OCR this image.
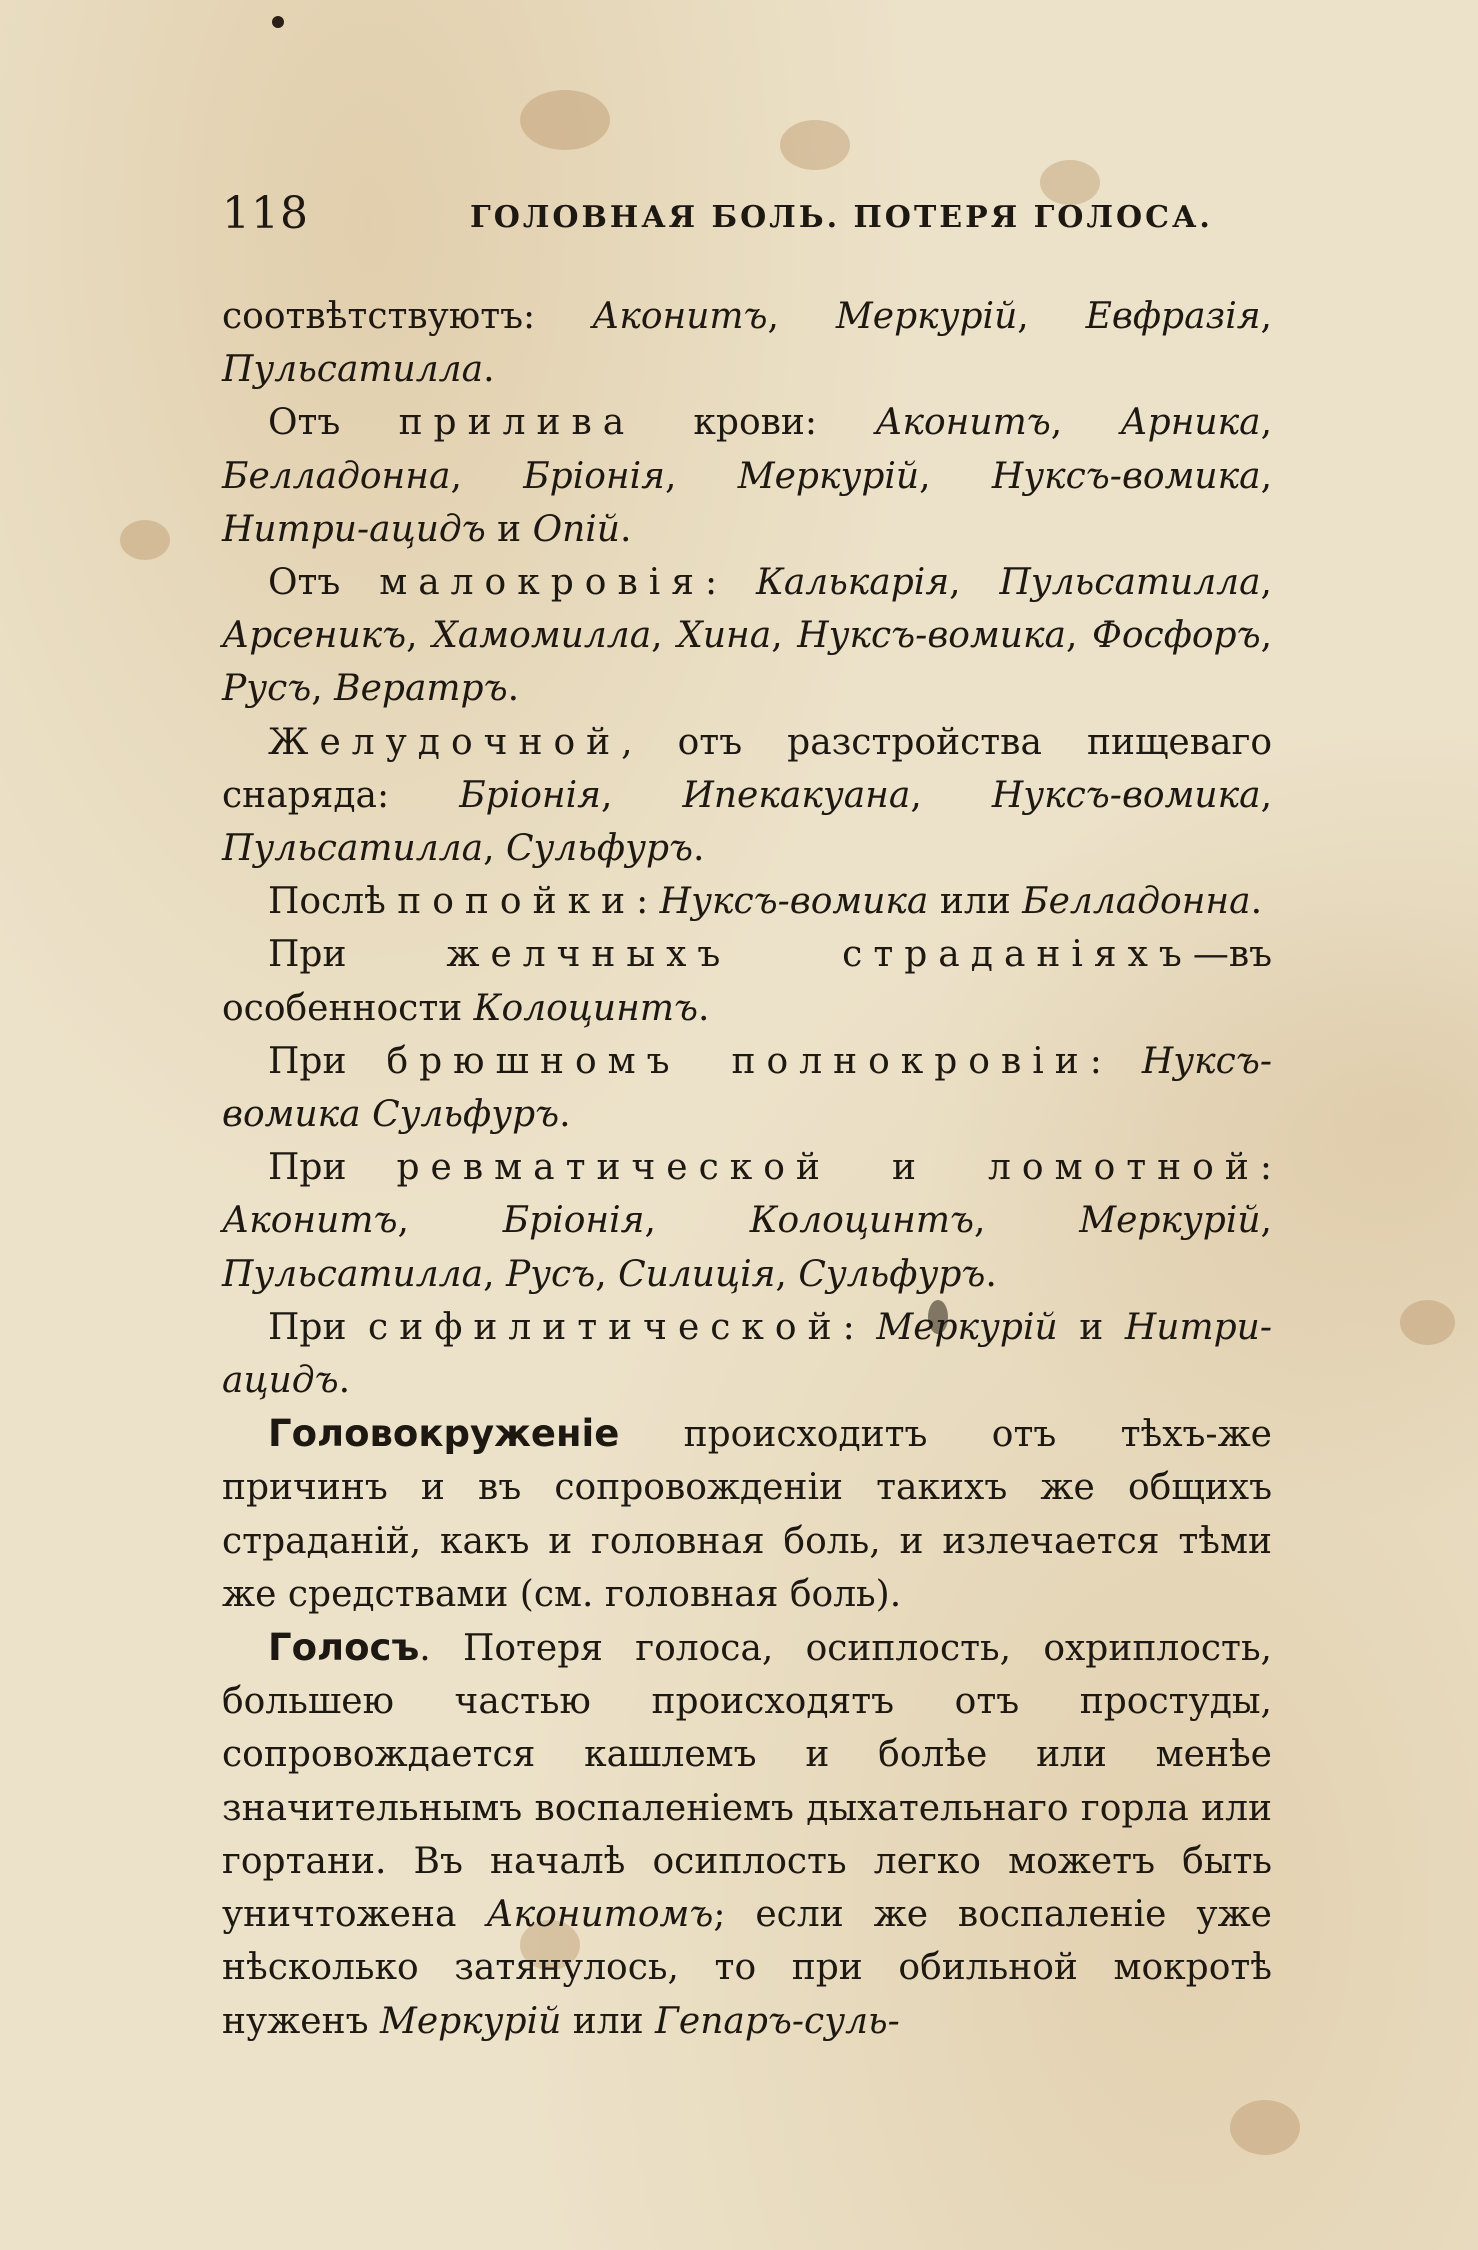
118	ГОЛОВНАЯ БОЛЬ. ПОТЕРЯ ГОЛОСА.

соотвѣтствуютъ: Аконитъ, Меркурій, Евфразія, Пульсатилла.

Отъ прилива крови: Аконитъ, Арника, Белладонна, Бріонія, Меркурій, Нуксъ-вомика, Нитри-ацидъ и Опій.

Отъ малокровія: Калькарія, Пульсатилла, Арсеникъ, Хамомилла, Хина, Нуксъ-вомика, Фосфоръ, Русъ, Вератръ.

Желудочной, отъ разстройства пищеваго снаряда: Бріонія, Ипекакуана, Нуксъ-вомика, Пульсатилла, Сульфуръ.

Послѣ попойки: Нуксъ-вомика или Белладонна.

При желчныхъ страданіяхъ—въ особенности Колоцинтъ.

При брюшномъ полнокровіи: Нуксъ-вомика Сульфуръ.

При ревматической и ломотной: Аконитъ, Бріонія, Колоцинтъ, Меркурій, Пульсатилла, Русъ, Силиція, Сульфуръ.

При сифилитической: Меркурій и Нитри-ацидъ.

Головокруженіе происходитъ отъ тѣхъ-же причинъ и въ сопровожденіи такихъ же общихъ страданій, какъ и головная боль, и излечается тѣми же средствами (см. головная боль).

Голосъ. Потеря голоса, осиплость, охриплость, большею частью происходятъ отъ простуды, сопровождается кашлемъ и болѣе или менѣе значительнымъ воспаленіемъ дыхательнаго горла или гортани. Въ началѣ осиплость легко можетъ быть уничтожена Аконитомъ; если же воспаленіе уже нѣсколько затянулось, то при обильной мокротѣ нуженъ Меркурій или Гепаръ-суль-
